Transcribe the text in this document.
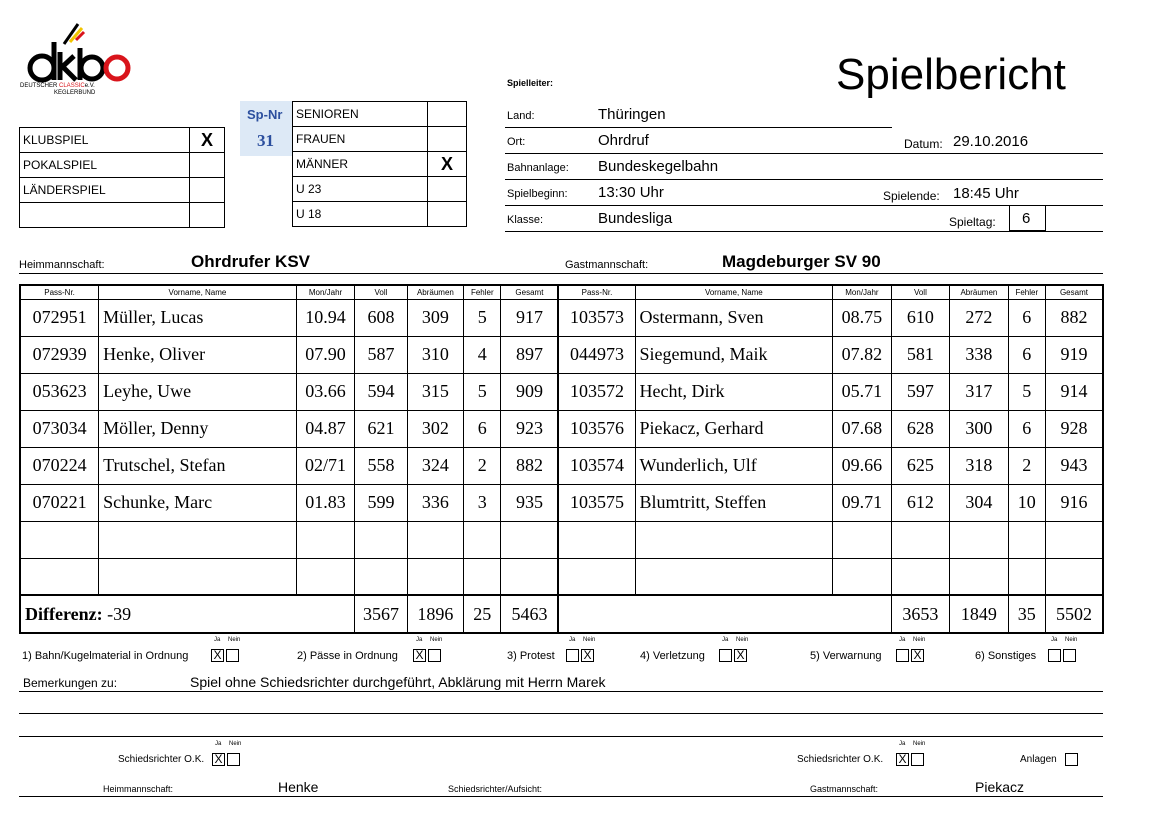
DEUTSCHER CLASSICe.V.
KEGLERBUND	Spielbericht
Spielleiter:
Sp-Nr
31
KLUBSPIEL	X
POKALSPIEL	
LÄNDERSPIEL	

SENIOREN	
FRAUEN	
MÄNNER	X
U 23	
U 18	
Land:	Thüringen
Ort:	Ohrdruf	Datum: 29.10.2016
Bahnanlage: Bundeskegelbahn
Spielbeginn: 13:30 Uhr	Spielende: 18:45 Uhr
Klasse:	Bundesliga	Spieltag: 6
Heimmannschaft:	Ohrdrufer KSV	Gastmannschaft:	Magdeburger SV 90
Pass-Nr.	Vorname, Name	Mon/Jahr	Voll	Abräumen	Fehler	Gesamt	Pass-Nr.	Vorname, Name	Mon/Jahr	Voll	Abräumen	Fehler	Gesamt
072951	Müller, Lucas	10.94	608	309	5	917	103573	Ostermann, Sven	08.75	610	272	6	882
072939	Henke, Oliver	07.90	587	310	4	897	044973	Siegemund, Maik	07.82	581	338	6	919
053623	Leyhe, Uwe	03.66	594	315	5	909	103572	Hecht, Dirk	05.71	597	317	5	914
073034	Möller, Denny	04.87	621	302	6	923	103576	Piekacz, Gerhard	07.68	628	300	6	928
070224	Trutschel, Stefan	02/71	558	324	2	882	103574	Wunderlich, Ulf	09.66	625	318	2	943
070221	Schunke, Marc	01.83	599	336	3	935	103575	Blumtritt, Steffen	09.71	612	304	10	916

Differenz: -39			3567	1896	25	5463				3653	1849	35	5502
1) Bahn/Kugelmaterial in Ordnung
Ja Nein
X	2) Pässe in Ordnung
Ja Nein
X	3) Protest
Ja Nein
X	4) Verletzung
Ja Nein
X	5) Verwarnung
Ja Nein
X	6) Sonstiges
Ja Nein
Bemerkungen zu:	Spiel ohne Schiedsrichter durchgeführt, Abklärung mit Herrn Marek
Schiedsrichter O.K.
Ja Nein
X	Schiedsrichter O.K.
Ja Nein
X	Anlagen
Heimmannschaft:	Henke	Schiedsrichter/Aufsicht:	Gastmannschaft:	Piekacz
